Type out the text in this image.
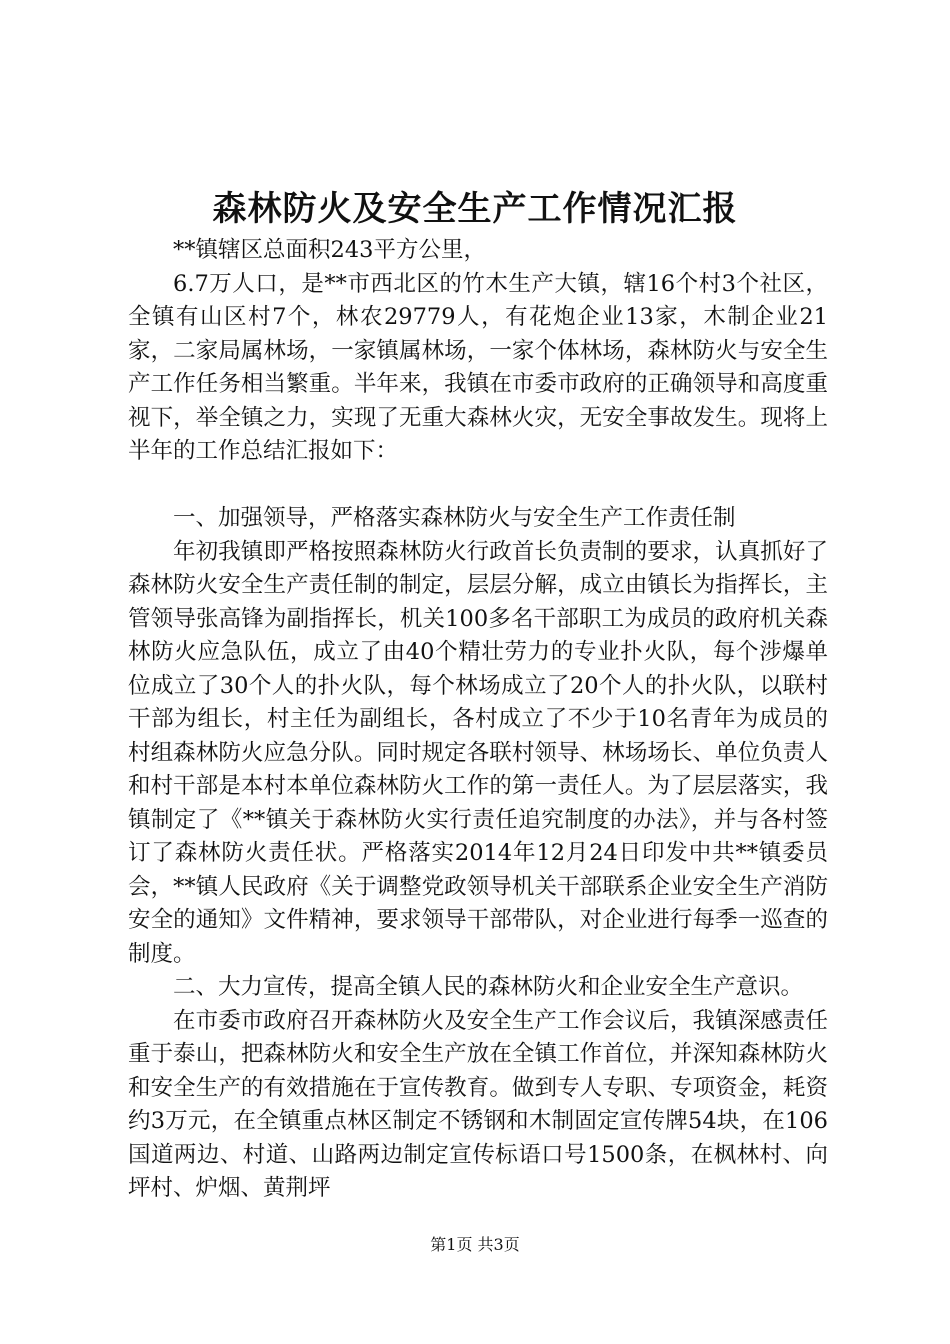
森林防火及安全生产工作情况汇报

**镇辖区总面积243平方公里，

6.7万人口，是**市西北区的竹木生产大镇，辖16个村3个社区，全镇有山区村7个，林农29779人，有花炮企业13家，木制企业21家，二家局属林场，一家镇属林场，一家个体林场，森林防火与安全生产工作任务相当繁重。半年来，我镇在市委市政府的正确领导和高度重视下，举全镇之力，实现了无重大森林火灾，无安全事故发生。现将上半年的工作总结汇报如下：

一、加强领导，严格落实森林防火与安全生产工作责任制

年初我镇即严格按照森林防火行政首长负责制的要求，认真抓好了森林防火安全生产责任制的制定，层层分解，成立由镇长为指挥长，主管领导张高锋为副指挥长，机关100多名干部职工为成员的政府机关森林防火应急队伍，成立了由40个精壮劳力的专业扑火队，每个涉爆单位成立了30个人的扑火队，每个林场成立了20个人的扑火队，以联村干部为组长，村主任为副组长，各村成立了不少于10名青年为成员的村组森林防火应急分队。同时规定各联村领导、林场场长、单位负责人和村干部是本村本单位森林防火工作的第一责任人。为了层层落实，我镇制定了《**镇关于森林防火实行责任追究制度的办法》，并与各村签订了森林防火责任状。严格落实2014年12月24日印发中共**镇委员会，**镇人民政府《关于调整党政领导机关干部联系企业安全生产消防安全的通知》文件精神，要求领导干部带队，对企业进行每季一巡查的制度。

二、大力宣传，提高全镇人民的森林防火和企业安全生产意识。

在市委市政府召开森林防火及安全生产工作会议后，我镇深感责任重于泰山，把森林防火和安全生产放在全镇工作首位，并深知森林防火和安全生产的有效措施在于宣传教育。做到专人专职、专项资金，耗资约3万元，在全镇重点林区制定不锈钢和木制固定宣传牌54块，在106国道两边、村道、山路两边制定宣传标语口号1500条，在枫林村、向坪村、炉烟、黄荆坪

第1页 共3页
